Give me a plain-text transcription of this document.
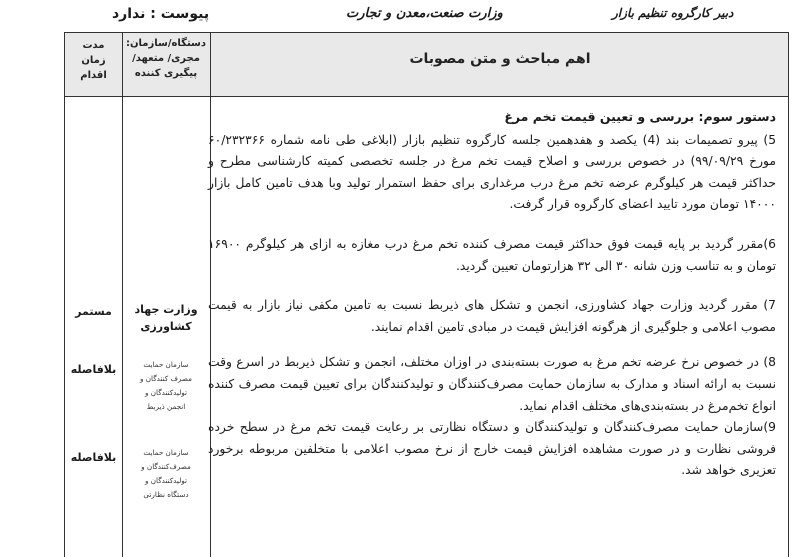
پیوست : ندارد	وزارت صنعت،معدن و تجارت	دبیر کارگروه تنظیم بازار
اهم مباحث و متن مصوبات
دستگاه/سازمان:
مجری/ متعهد/
پیگیری کننده
مدت
زمان
اقدام
دستور سوم: بررسی و تعیین قیمت تخم مرغ

5) پیرو تصمیمات بند (4) یکصد و هفدهمین جلسه کارگروه تنظیم بازار (ابلاغی طی نامه شماره ۶۰/۲۳۲۳۶۶ مورخ ۹۹/۰۹/۲۹) در خصوص بررسی و اصلاح قیمت تخم مرغ در جلسه تخصصی کمیته کارشناسی مطرح و حداکثر قیمت هر کیلوگرم عرضه تخم مرغ درب مرغداری برای حفظ استمرار تولید وبا هدف تامین کامل بازار ۱۴۰۰۰ تومان مورد تایید اعضای کارگروه قرار گرفت.

6)مقرر گردید بر پایه قیمت فوق حداکثر قیمت مصرف کننده تخم مرغ درب مغازه به ازای هر کیلوگرم ۱۶۹۰۰ تومان و به تناسب وزن شانه ۳۰ الی ۳۲ هزارتومان تعیین گردید.

7) مقرر گردید وزارت جهاد کشاورزی، انجمن و تشکل های ذیربط نسبت به تامین مکفی نیاز بازار به قیمت مصوب اعلامی و جلوگیری از هرگونه افزایش قیمت در مبادی تامین اقدام نمایند.

8) در خصوص نرخ عرضه تخم مرغ به صورت بسته‌بندی در اوزان مختلف، انجمن و تشکل ذیربط در اسرع وقت نسبت به ارائه اسناد و مدارک به سازمان حمایت مصرف‌کنندگان و تولیدکنندگان برای تعیین قیمت مصرف کننده انواع تخم‌مرغ در بسته‌بندی‌های مختلف اقدام نماید.

9)سازمان حمایت مصرف‌کنندگان و تولیدکنندگان و دستگاه نظارتی بر رعایت قیمت تخم مرغ در سطح خرده فروشی نظارت و در صورت مشاهده افزایش قیمت خارج از نرخ مصوب اعلامی با متخلفین مربوطه برخورد تعزیری خواهد شد.

وزارت جهاد کشاورزی
سازمان حمایت
مصرف کنندگان و
تولیدکنندگان و
انجمن ذیربط
سازمان حمایت
مصرف‌کنندگان و
تولیدکنندگان و
دستگاه نظارتی
مستمر
بلافاصله
بلافاصله
